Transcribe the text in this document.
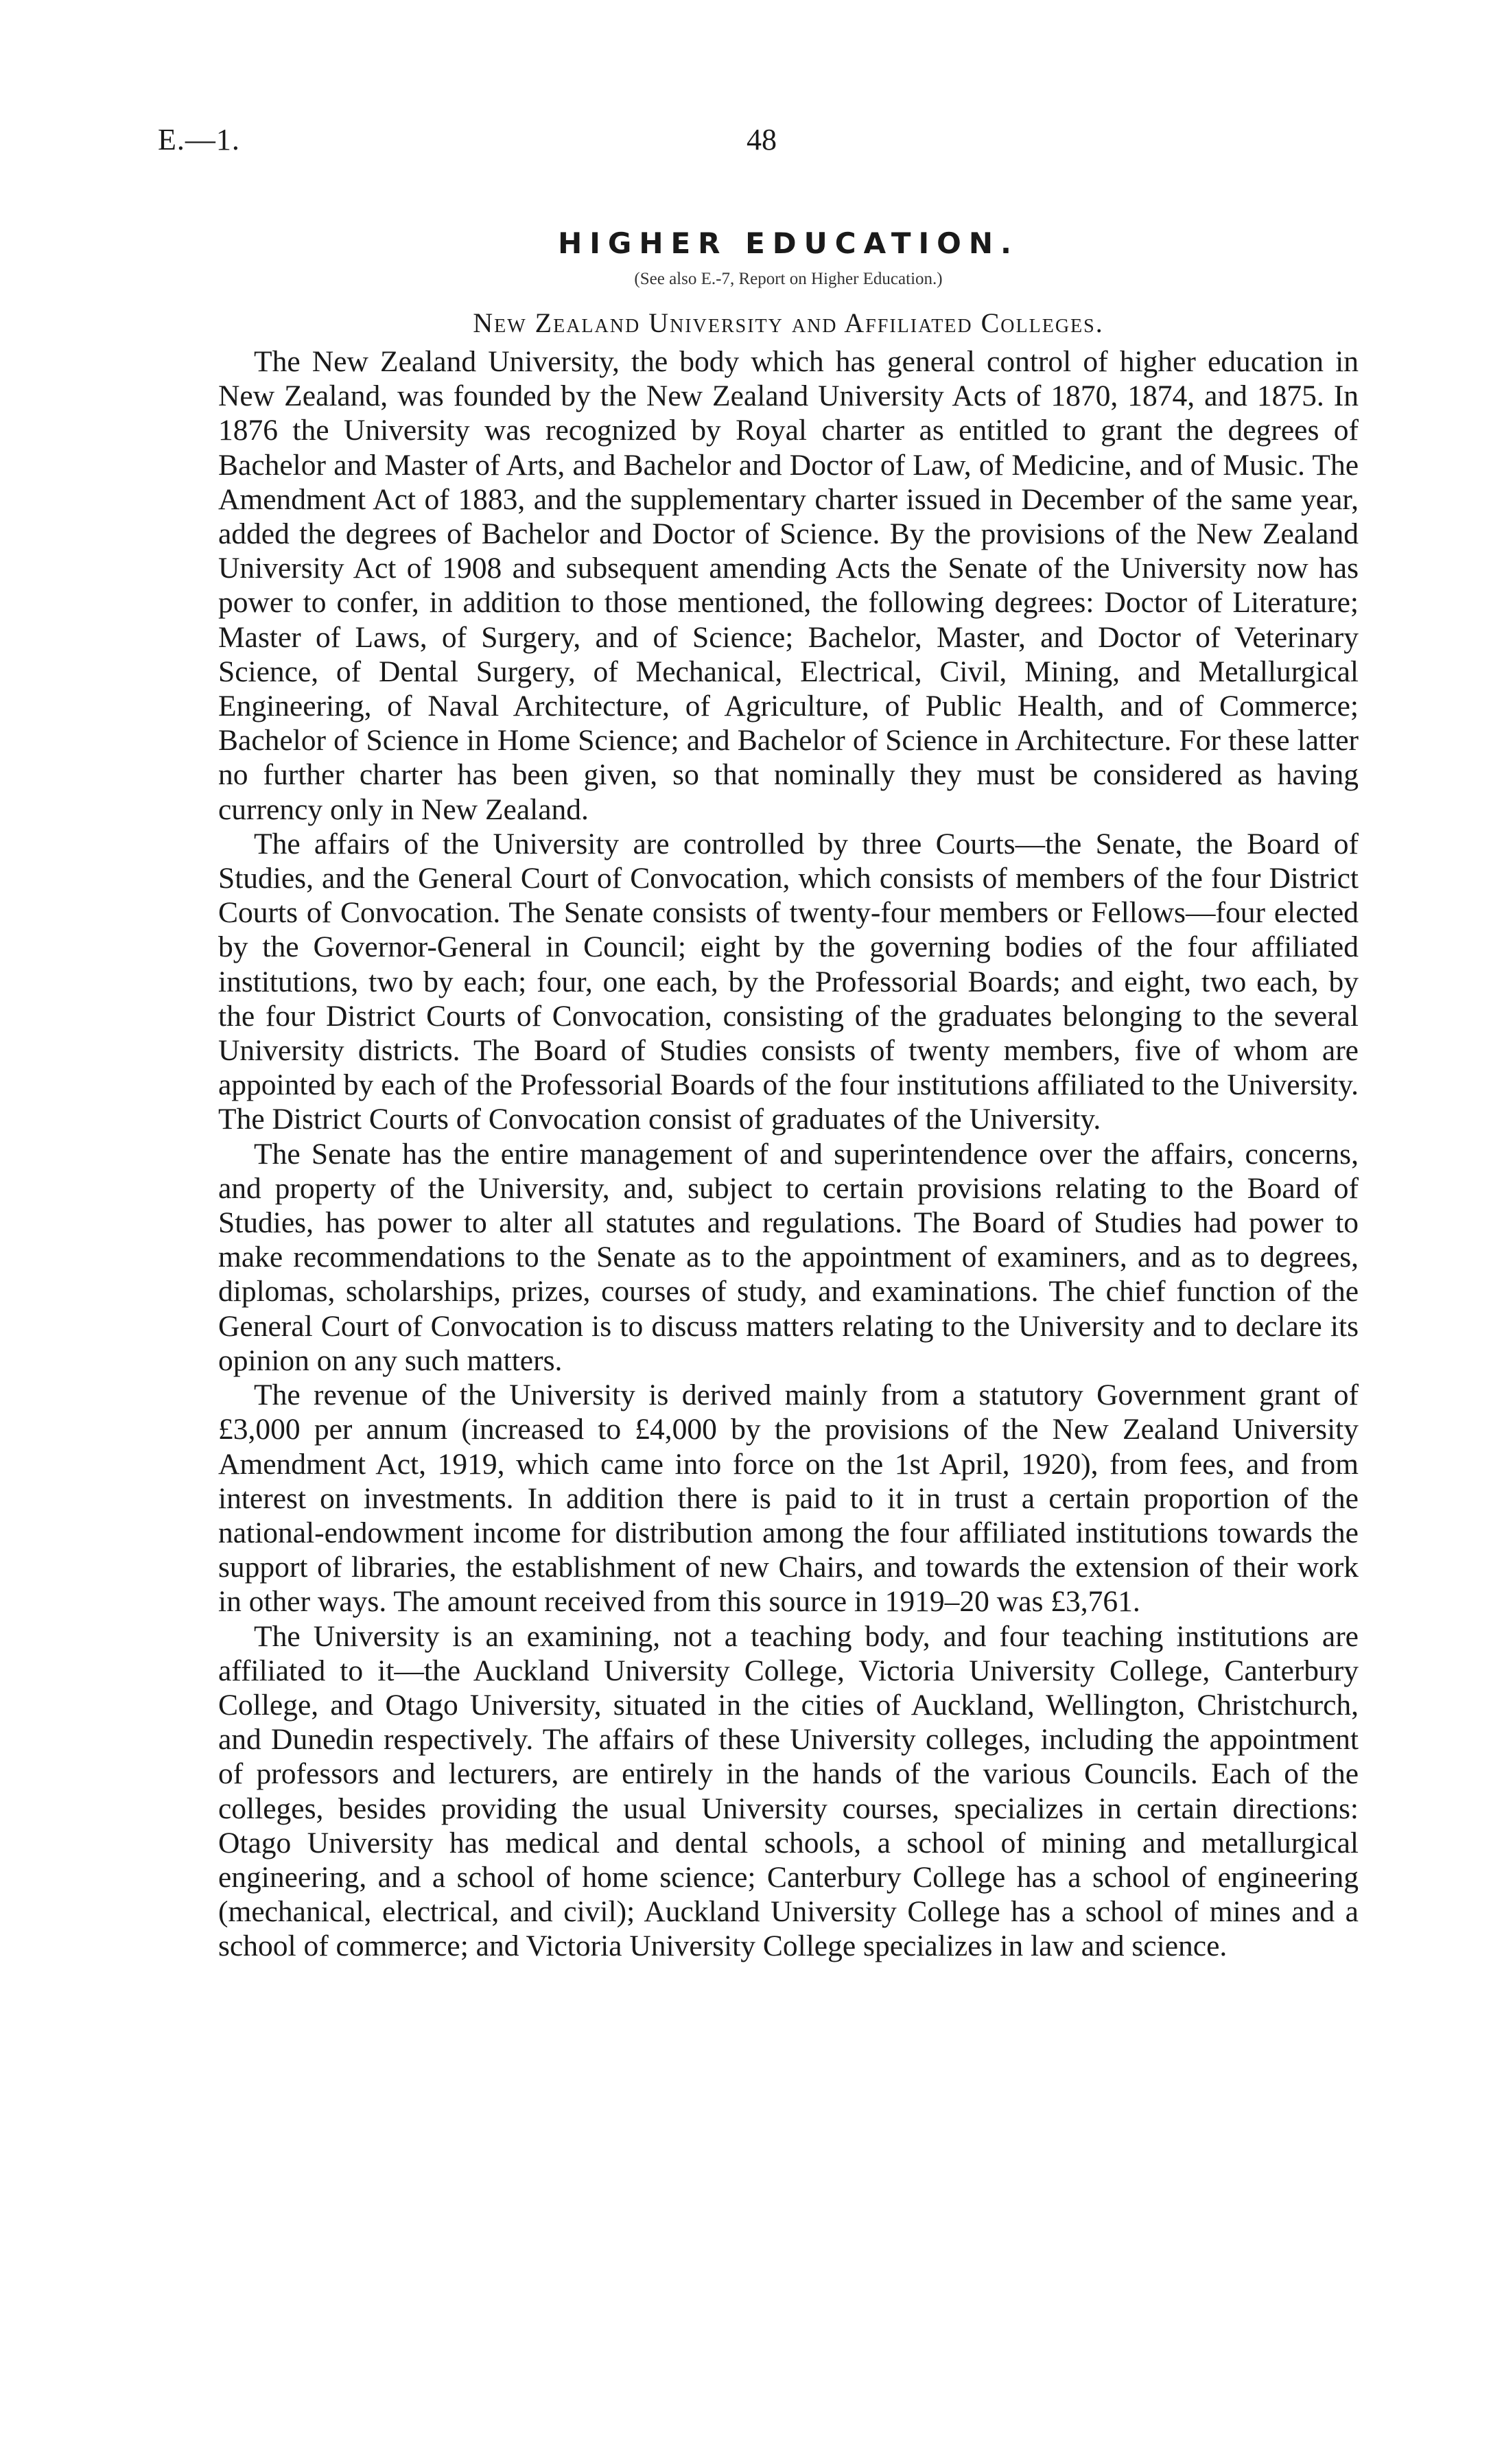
E.—1.	48
HIGHER EDUCATION.
(See also E.-7, Report on Higher Education.)
New Zealand University and Affiliated Colleges.

The New Zealand University, the body which has general control of higher education in New Zealand, was founded by the New Zealand University Acts of 1870, 1874, and 1875. In 1876 the University was recognized by Royal charter as entitled to grant the degrees of Bachelor and Master of Arts, and Bachelor and Doctor of Law, of Medicine, and of Music. The Amendment Act of 1883, and the supplementary charter issued in December of the same year, added the degrees of Bachelor and Doctor of Science. By the provisions of the New Zealand University Act of 1908 and subsequent amending Acts the Senate of the University now has power to confer, in addition to those mentioned, the following degrees: Doctor of Literature; Master of Laws, of Surgery, and of Science; Bachelor, Master, and Doctor of Veterinary Science, of Dental Surgery, of Mechanical, Electrical, Civil, Mining, and Metallurgical Engineering, of Naval Architecture, of Agriculture, of Public Health, and of Commerce; Bachelor of Science in Home Science; and Bachelor of Science in Architecture. For these latter no further charter has been given, so that nominally they must be considered as having currency only in New Zealand.

The affairs of the University are controlled by three Courts—the Senate, the Board of Studies, and the General Court of Convocation, which consists of members of the four District Courts of Convocation. The Senate consists of twenty-four members or Fellows—four elected by the Governor-General in Council; eight by the governing bodies of the four affiliated institutions, two by each; four, one each, by the Professorial Boards; and eight, two each, by the four District Courts of Convocation, consisting of the graduates belonging to the several University districts. The Board of Studies consists of twenty members, five of whom are appointed by each of the Professorial Boards of the four institutions affiliated to the University. The District Courts of Convocation consist of graduates of the University.

The Senate has the entire management of and superintendence over the affairs, concerns, and property of the University, and, subject to certain provisions relating to the Board of Studies, has power to alter all statutes and regulations. The Board of Studies had power to make recommendations to the Senate as to the appointment of examiners, and as to degrees, diplomas, scholarships, prizes, courses of study, and examinations. The chief function of the General Court of Convocation is to discuss matters relating to the University and to declare its opinion on any such matters.

The revenue of the University is derived mainly from a statutory Government grant of £3,000 per annum (increased to £4,000 by the provisions of the New Zealand University Amendment Act, 1919, which came into force on the 1st April, 1920), from fees, and from interest on investments. In addition there is paid to it in trust a certain proportion of the national-endowment income for distribution among the four affiliated institutions towards the support of libraries, the establishment of new Chairs, and towards the extension of their work in other ways. The amount received from this source in 1919–20 was £3,761.

The University is an examining, not a teaching body, and four teaching institutions are affiliated to it—the Auckland University College, Victoria University College, Canterbury College, and Otago University, situated in the cities of Auckland, Wellington, Christchurch, and Dunedin respectively. The affairs of these University colleges, including the appointment of professors and lecturers, are entirely in the hands of the various Councils. Each of the colleges, besides providing the usual University courses, specializes in certain directions: Otago University has medical and dental schools, a school of mining and metallurgical engineering, and a school of home science; Canterbury College has a school of engineering (mechanical, electrical, and civil); Auckland University College has a school of mines and a school of commerce; and Victoria University College specializes in law and science.
